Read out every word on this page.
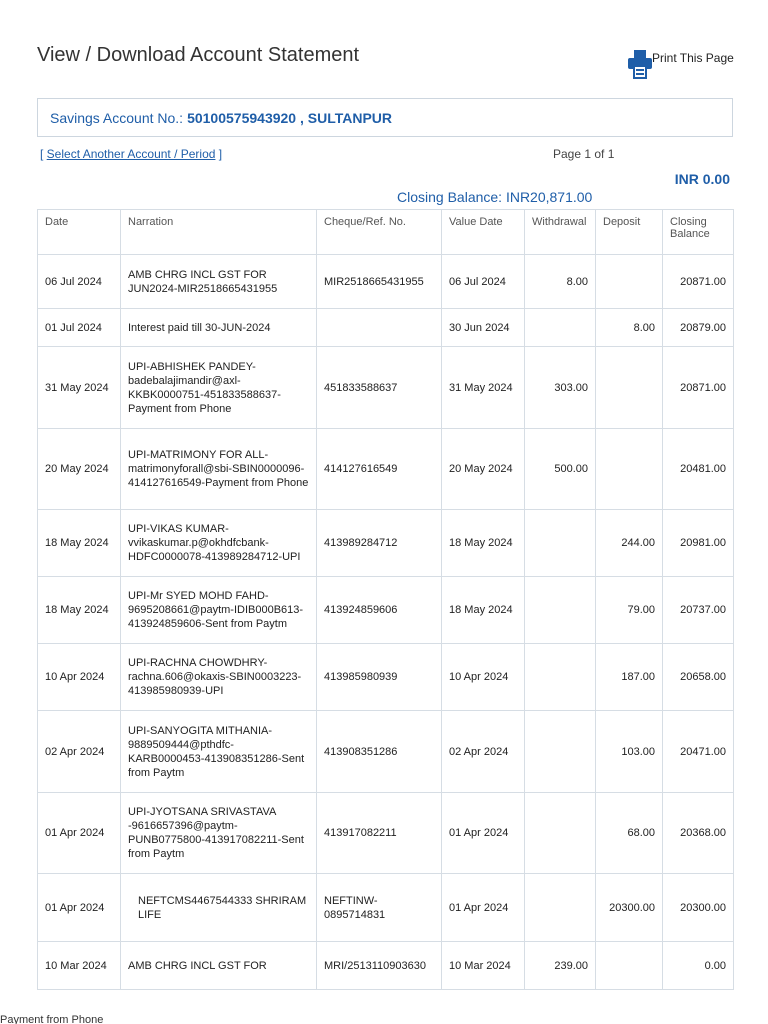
View / Download Account Statement	Print This Page
Savings Account No.: 50100575943920 , SULTANPUR
[ Select Another Account / Period ]	Page 1 of 1
INR 0.00
Closing Balance: INR20,871.00
Date	Narration	Cheque/Ref. No.	Value Date	Withdrawal	Deposit	Closing Balance
06 Jul 2024	AMB CHRG INCL GST FOR JUN2024-MIR2518665431955	MIR2518665431955	06 Jul 2024	8.00		20871.00
01 Jul 2024	Interest paid till 30-JUN-2024		30 Jun 2024		8.00	20879.00
31 May 2024	UPI-ABHISHEK PANDEY-badebalajimandir@axl-KKBK0000751-451833588637-Payment from Phone	451833588637	31 May 2024	303.00		20871.00
20 May 2024	UPI-MATRIMONY FOR ALL-matrimonyforall@sbi-SBIN0000096-414127616549-Payment from Phone	414127616549	20 May 2024	500.00		20481.00
18 May 2024	UPI-VIKAS KUMAR-vvikaskumar.p@okhdfcbank-HDFC0000078-413989284712-UPI	413989284712	18 May 2024		244.00	20981.00
18 May 2024	UPI-Mr SYED MOHD FAHD-9695208661@paytm-IDIB000B613-413924859606-Sent from Paytm	413924859606	18 May 2024		79.00	20737.00
10 Apr 2024	UPI-RACHNA CHOWDHRY-rachna.606@okaxis-SBIN0003223-413985980939-UPI	413985980939	10 Apr 2024		187.00	20658.00
02 Apr 2024	UPI-SANYOGITA MITHANIA-9889509444@pthdfc-KARB0000453-413908351286-Sent from Paytm	413908351286	02 Apr 2024		103.00	20471.00
01 Apr 2024	UPI-JYOTSANA SRIVASTAVA -9616657396@paytm-PUNB0775800-413917082211-Sent from Paytm	413917082211	01 Apr 2024		68.00	20368.00
01 Apr 2024	NEFTCMS4467544333 SHRIRAM LIFE	NEFTINW-0895714831	01 Apr 2024		20300.00	20300.00
10 Mar 2024	AMB CHRG INCL GST FOR	MRI/2513110903630	10 Mar 2024	239.00		0.00
Payment from Phone
